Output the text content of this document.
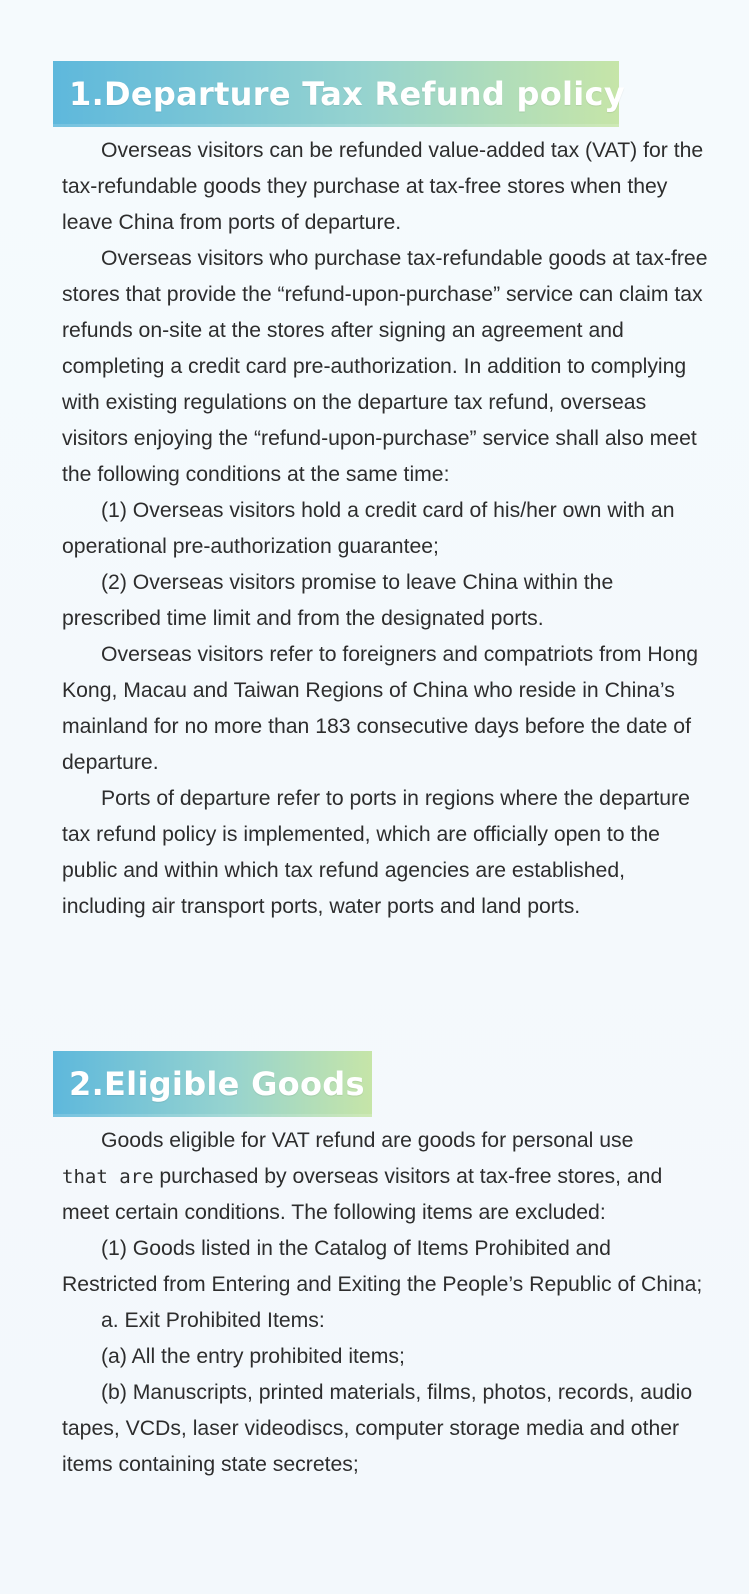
1.Departure Tax Refund policy

Overseas visitors can be refunded value-added tax (VAT) for the tax-refundable goods they purchase at tax-free stores when they leave China from ports of departure.

Overseas visitors who purchase tax-refundable goods at tax-free stores that provide the “refund-upon-purchase” service can claim tax refunds on-site at the stores after signing an agreement and completing a credit card pre-authorization. In addition to complying with existing regulations on the departure tax refund, overseas visitors enjoying the “refund-upon-purchase” service shall also meet the following conditions at the same time:

(1) Overseas visitors hold a credit card of his/her own with an operational pre-authorization guarantee;

(2) Overseas visitors promise to leave China within the prescribed time limit and from the designated ports.

Overseas visitors refer to foreigners and compatriots from Hong Kong, Macau and Taiwan Regions of China who reside in China’s mainland for no more than 183 consecutive days before the date of departure.

Ports of departure refer to ports in regions where the departure tax refund policy is implemented, which are officially open to the public and within which tax refund agencies are established, including air transport ports, water ports and land ports.

2.Eligible Goods

Goods eligible for VAT refund are goods for personal use
that are purchased by overseas visitors at tax-free stores, and meet certain conditions. The following items are excluded:

(1) Goods listed in the Catalog of Items Prohibited and Restricted from Entering and Exiting the People’s Republic of China;

a. Exit Prohibited Items:

(a) All the entry prohibited items;

(b) Manuscripts, printed materials, films, photos, records, audio tapes, VCDs, laser videodiscs, computer storage media and other items containing state secretes;
